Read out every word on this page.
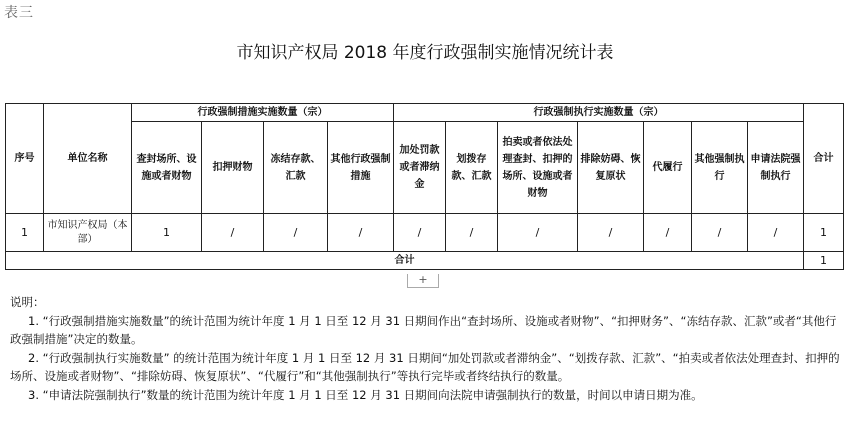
表三
市知识产权局 2018 年度行政强制实施情况统计表
序号	单位名称	行政强制措施实施数量（宗）				行政强制执行实施数量（宗）							合计
		查封场所、设施或者财物	扣押财物	冻结存款、汇款	其他行政强制措施	加处罚款或者滞纳金	划拨存款、汇款	拍卖或者依法处理查封、扣押的场所、设施或者财物	排除妨碍、恢复原状	代履行	其他强制执行	申请法院强制执行	
1	市知识产权局（本部）	1	/	/	/	/	/	/	/	/	/	/	1
合计													1
+

说明：

1. “行政强制措施实施数量”的统计范围为统计年度 1 月 1 日至 12 月 31 日期间作出“查封场所、设施或者财物”、“扣押财务”、“冻结存款、汇款”或者“其他行政强制措施”决定的数量。

2. “行政强制执行实施数量” 的统计范围为统计年度 1 月 1 日至 12 月 31 日期间“加处罚款或者滞纳金”、“划拨存款、汇款”、“拍卖或者依法处理查封、扣押的场所、设施或者财物”、“排除妨碍、恢复原状”、“代履行”和“其他强制执行”等执行完毕或者终结执行的数量。

3. “申请法院强制执行”数量的统计范围为统计年度 1 月 1 日至 12 月 31 日期间向法院申请强制执行的数量，时间以申请日期为准。
